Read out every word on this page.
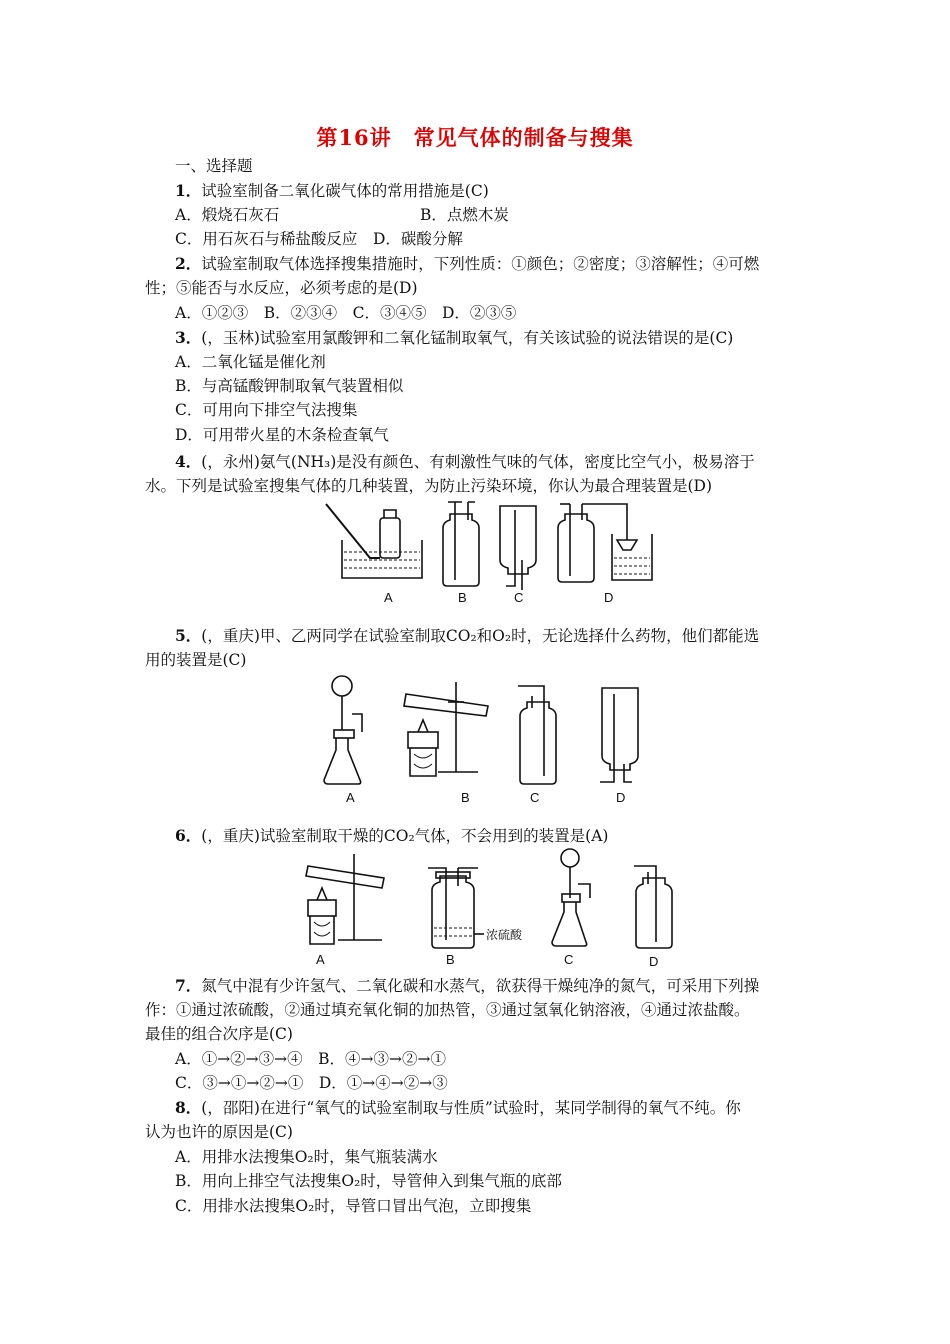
第16讲　常见气体的制备与搜集
一、选择题
1．试验室制备二氧化碳气体的常用措施是(C)
A．煅烧石灰石	B．点燃木炭
C．用石灰石与稀盐酸反应 D．碳酸分解
2．试验室制取气体选择搜集措施时，下列性质：①颜色；②密度；③溶解性；④可燃
性；⑤能否与水反应，必须考虑的是(D)
A．①②③　B．②③④　C．③④⑤　D．②③⑤
3．(，玉林)试验室用氯酸钾和二氧化锰制取氧气，有关该试验的说法错误的是(C)
A．二氧化锰是催化剂
B．与高锰酸钾制取氧气装置相似
C．可用向下排空气法搜集
D．可用带火星的木条检查氧气
4．(，永州)氨气(NH₃)是没有颜色、有刺激性气味的气体，密度比空气小，极易溶于
水。下列是试验室搜集气体的几种装置，为防止污染环境，你认为最合理装置是(D)
A	B	C	D
5．(，重庆)甲、乙两同学在试验室制取CO₂和O₂时，无论选择什么药物，他们都能选
用的装置是(C)
A	B	C	D
6．(，重庆)试验室制取干燥的CO₂气体，不会用到的装置是(A)
A
浓硫酸
B	C	D
7．氮气中混有少许氢气、二氧化碳和水蒸气，欲获得干燥纯净的氮气，可采用下列操
作：①通过浓硫酸，②通过填充氧化铜的加热管，③通过氢氧化钠溶液，④通过浓盐酸。
最佳的组合次序是(C)
A．①→②→③→④　B．④→③→②→①
C．③→①→②→①　D．①→④→②→③
8．(，邵阳)在进行“氧气的试验室制取与性质”试验时，某同学制得的氧气不纯。你
认为也许的原因是(C)
A．用排水法搜集O₂时，集气瓶装满水
B．用向上排空气法搜集O₂时，导管伸入到集气瓶的底部
C．用排水法搜集O₂时，导管口冒出气泡，立即搜集
